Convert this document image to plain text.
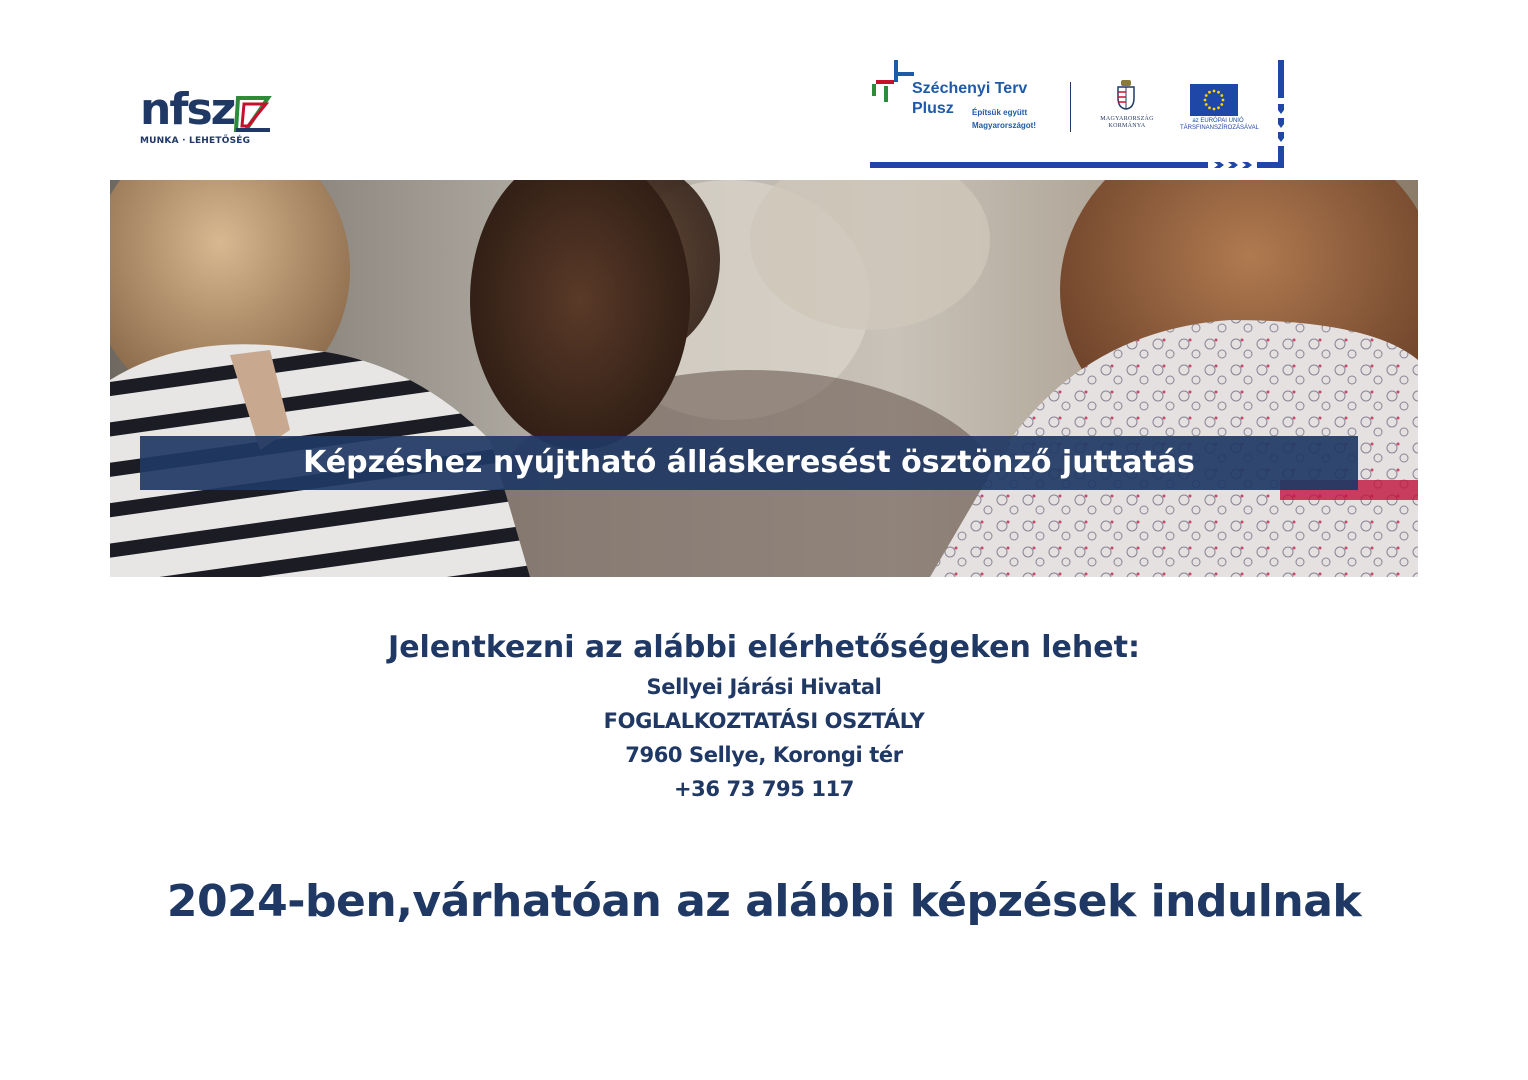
nfsz
MUNKA · LEHETŐSÉG
Széchenyi Terv
Plusz Építsük együtt Magyarországot!
MAGYARORSZÁG KORMÁNYA
az EURÓPAI UNIÓ TÁRSFINANSZÍROZÁSÁVAL
Képzéshez nyújtható álláskeresést ösztönző juttatás

Jelentkezni az alábbi elérhetőségeken lehet:

Sellyei Járási Hivatal

FOGLALKOZTATÁSI OSZTÁLY

7960 Sellye, Korongi tér

+36 73 795 117

2024-ben,várhatóan az alábbi képzések indulnak
